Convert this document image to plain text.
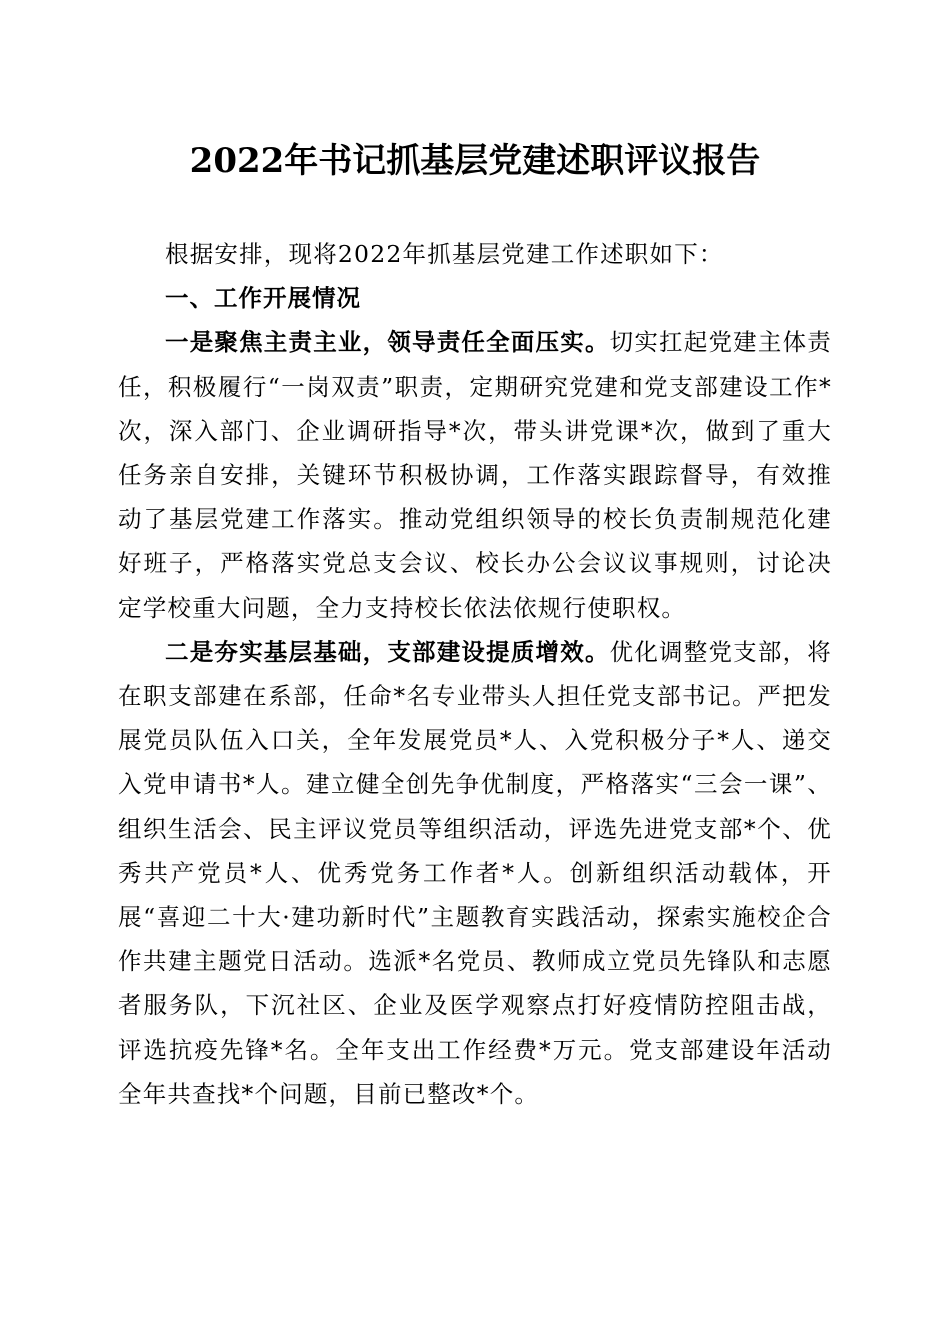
2022年书记抓基层党建述职评议报告

根据安排，现将2022年抓基层党建工作述职如下：

一、工作开展情况

一是聚焦主责主业，领导责任全面压实。切实扛起党建主体责任，积极履行“一岗双责”职责，定期研究党建和党支部建设工作*次，深入部门、企业调研指导*次，带头讲党课*次，做到了重大任务亲自安排，关键环节积极协调，工作落实跟踪督导，有效推动了基层党建工作落实。推动党组织领导的校长负责制规范化建好班子，严格落实党总支会议、校长办公会议议事规则，讨论决定学校重大问题，全力支持校长依法依规行使职权。

二是夯实基层基础，支部建设提质增效。优化调整党支部，将在职支部建在系部，任命*名专业带头人担任党支部书记。严把发展党员队伍入口关，全年发展党员*人、入党积极分子*人、递交入党申请书*人。建立健全创先争优制度，严格落实“三会一课”、组织生活会、民主评议党员等组织活动，评选先进党支部*个、优秀共产党员*人、优秀党务工作者*人。创新组织活动载体，开展“喜迎二十大·建功新时代”主题教育实践活动，探索实施校企合作共建主题党日活动。选派*名党员、教师成立党员先锋队和志愿者服务队，下沉社区、企业及医学观察点打好疫情防控阻击战，评选抗疫先锋*名。全年支出工作经费*万元。党支部建设年活动全年共查找*个问题，目前已整改*个。
